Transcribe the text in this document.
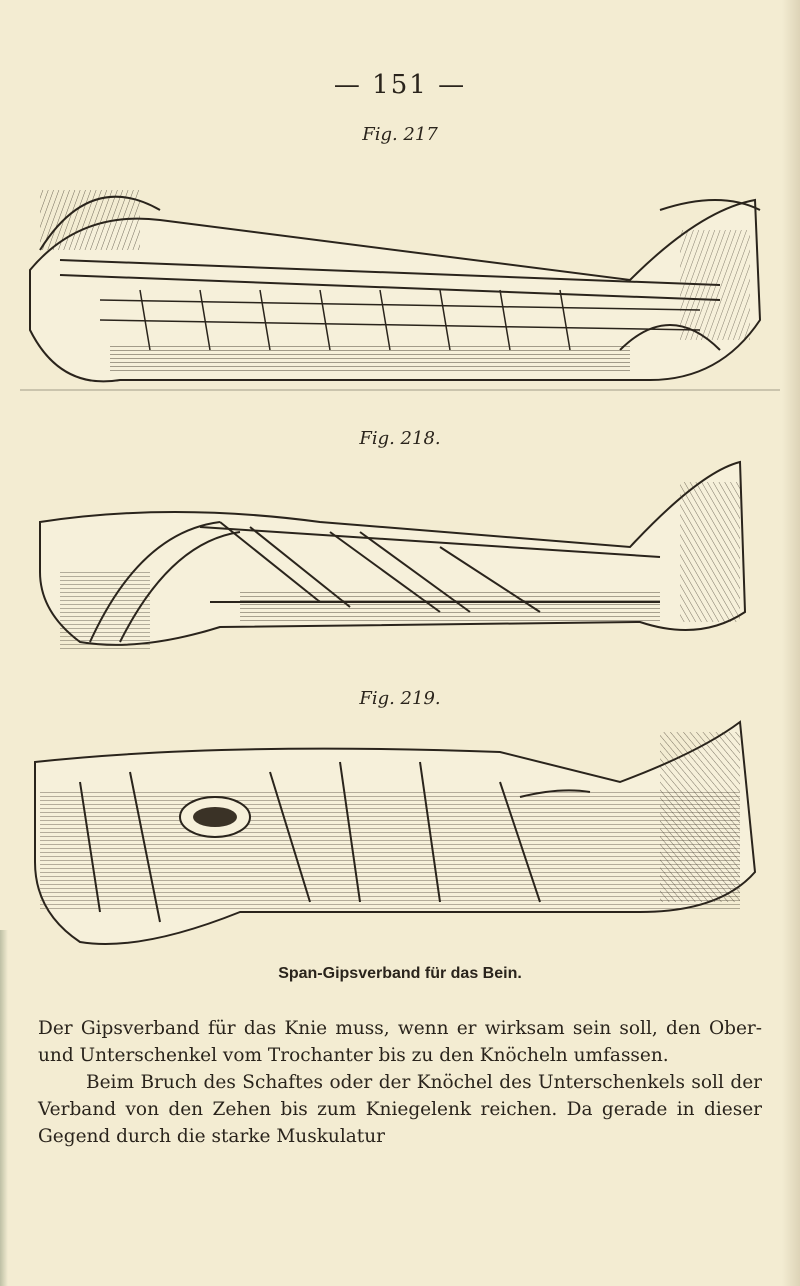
— 151 —
Fig. 217
Fig. 218.
Fig. 219.
Span-Gipsverband für das Bein.

Der Gipsverband für das Knie muss, wenn er wirksam sein soll, den Ober- und Unterschenkel vom Trochanter bis zu den Knöcheln umfassen.

Beim Bruch des Schaftes oder der Knöchel des Unterschenkels soll der Verband von den Zehen bis zum Kniegelenk reichen. Da gerade in dieser Gegend durch die starke Muskulatur
